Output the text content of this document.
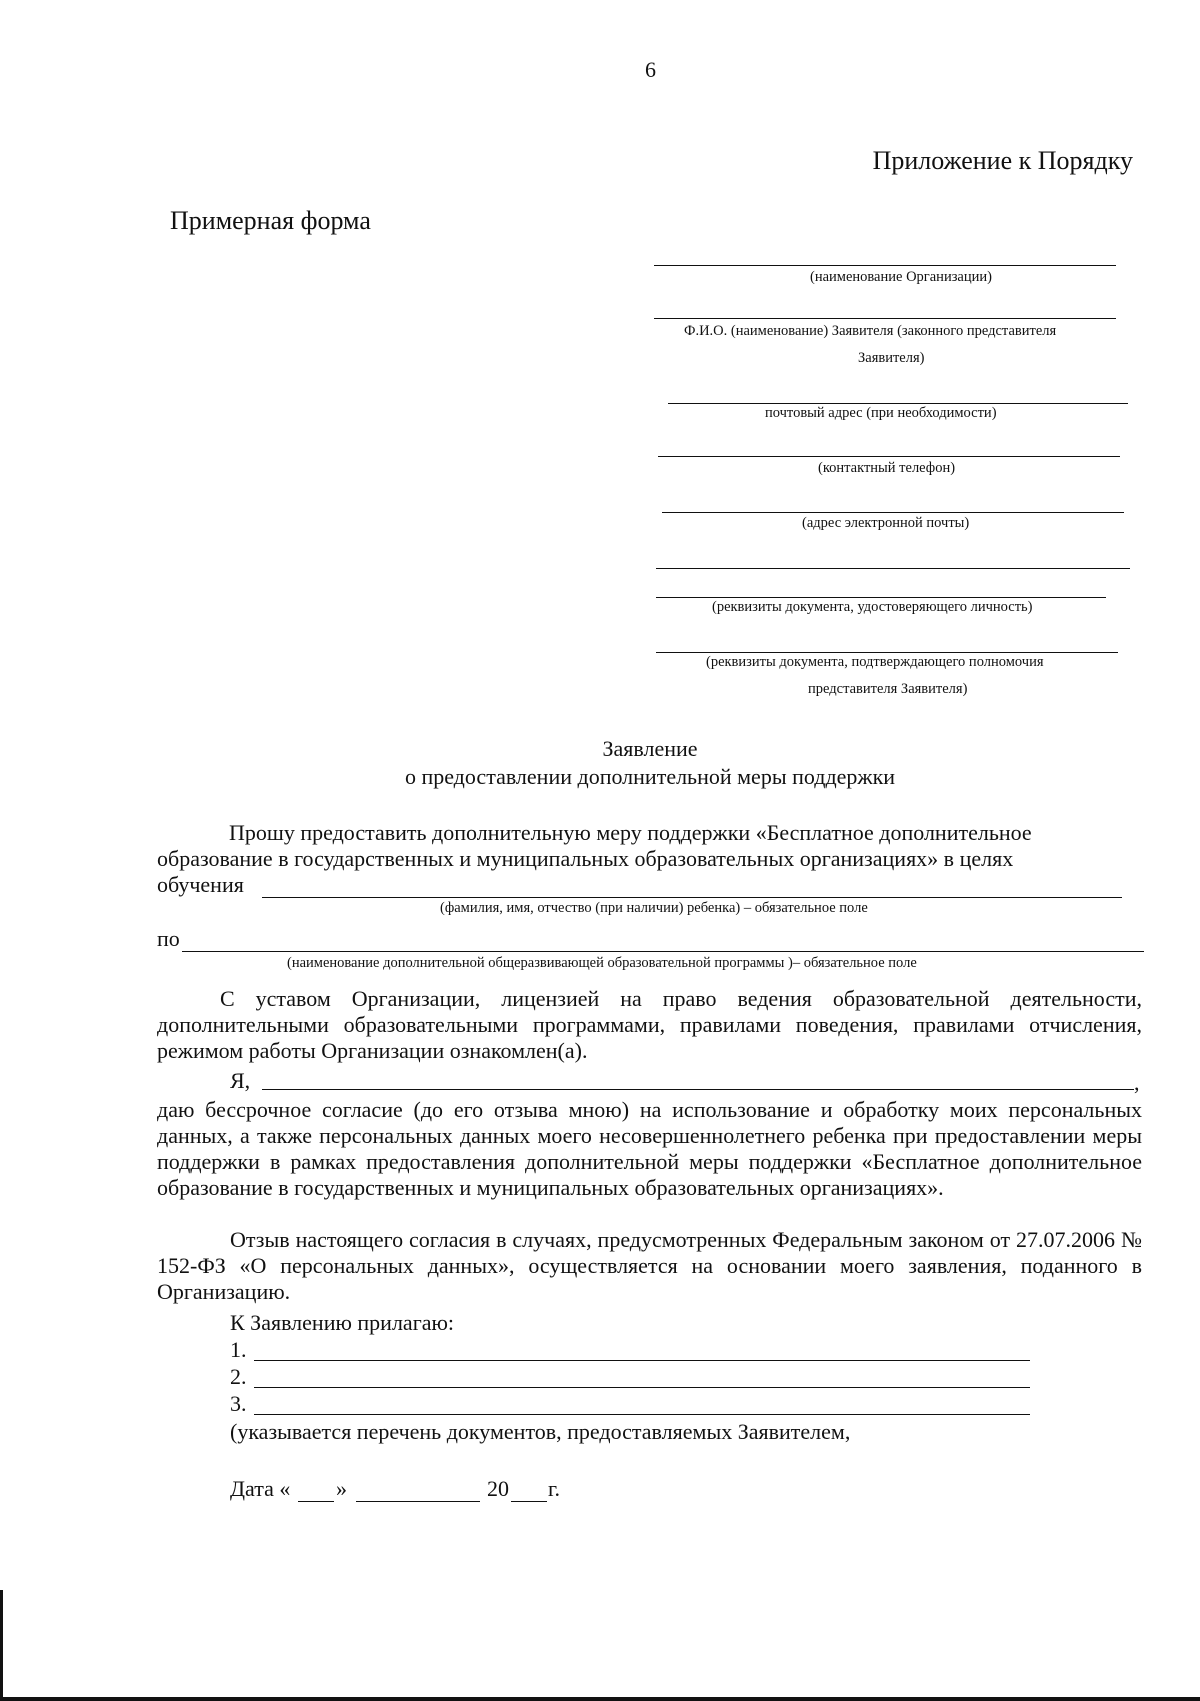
6
Приложение к Порядку
Примерная форма
(наименование Организации)
Ф.И.О. (наименование) Заявителя (законного представителя
Заявителя)
почтовый адрес (при необходимости)
(контактный телефон)
(адрес электронной почты)
(реквизиты документа, удостоверяющего личность)
(реквизиты документа, подтверждающего полномочия
представителя Заявителя)
Заявление
о предоставлении дополнительной меры поддержки
Прошу предоставить дополнительную меру поддержки «Бесплатное дополнительное
образование в государственных и муниципальных образовательных организациях» в целях
обучения
(фамилия, имя, отчество (при наличии) ребенка) – обязательное поле
по
(наименование дополнительной общеразвивающей образовательной программы )– обязательное поле
С уставом Организации, лицензией на право ведения образовательной деятельности, дополнительными образовательными программами, правилами поведения, правилами отчисления, режимом работы Организации ознакомлен(а).
Я,	,
даю бессрочное согласие (до его отзыва мною) на использование и обработку моих персональных данных, а также персональных данных моего несовершеннолетнего ребенка при предоставлении меры поддержки в рамках предоставления дополнительной меры поддержки «Бесплатное дополнительное образование в государственных и муниципальных образовательных организациях».
Отзыв настоящего согласия в случаях, предусмотренных Федеральным законом от 27.07.2006 № 152-ФЗ «О персональных данных», осуществляется на основании моего заявления, поданного в Организацию.
К Заявлению прилагаю:
1.
2.
3.
(указывается перечень документов, предоставляемых Заявителем,
Дата « »	20 г.
